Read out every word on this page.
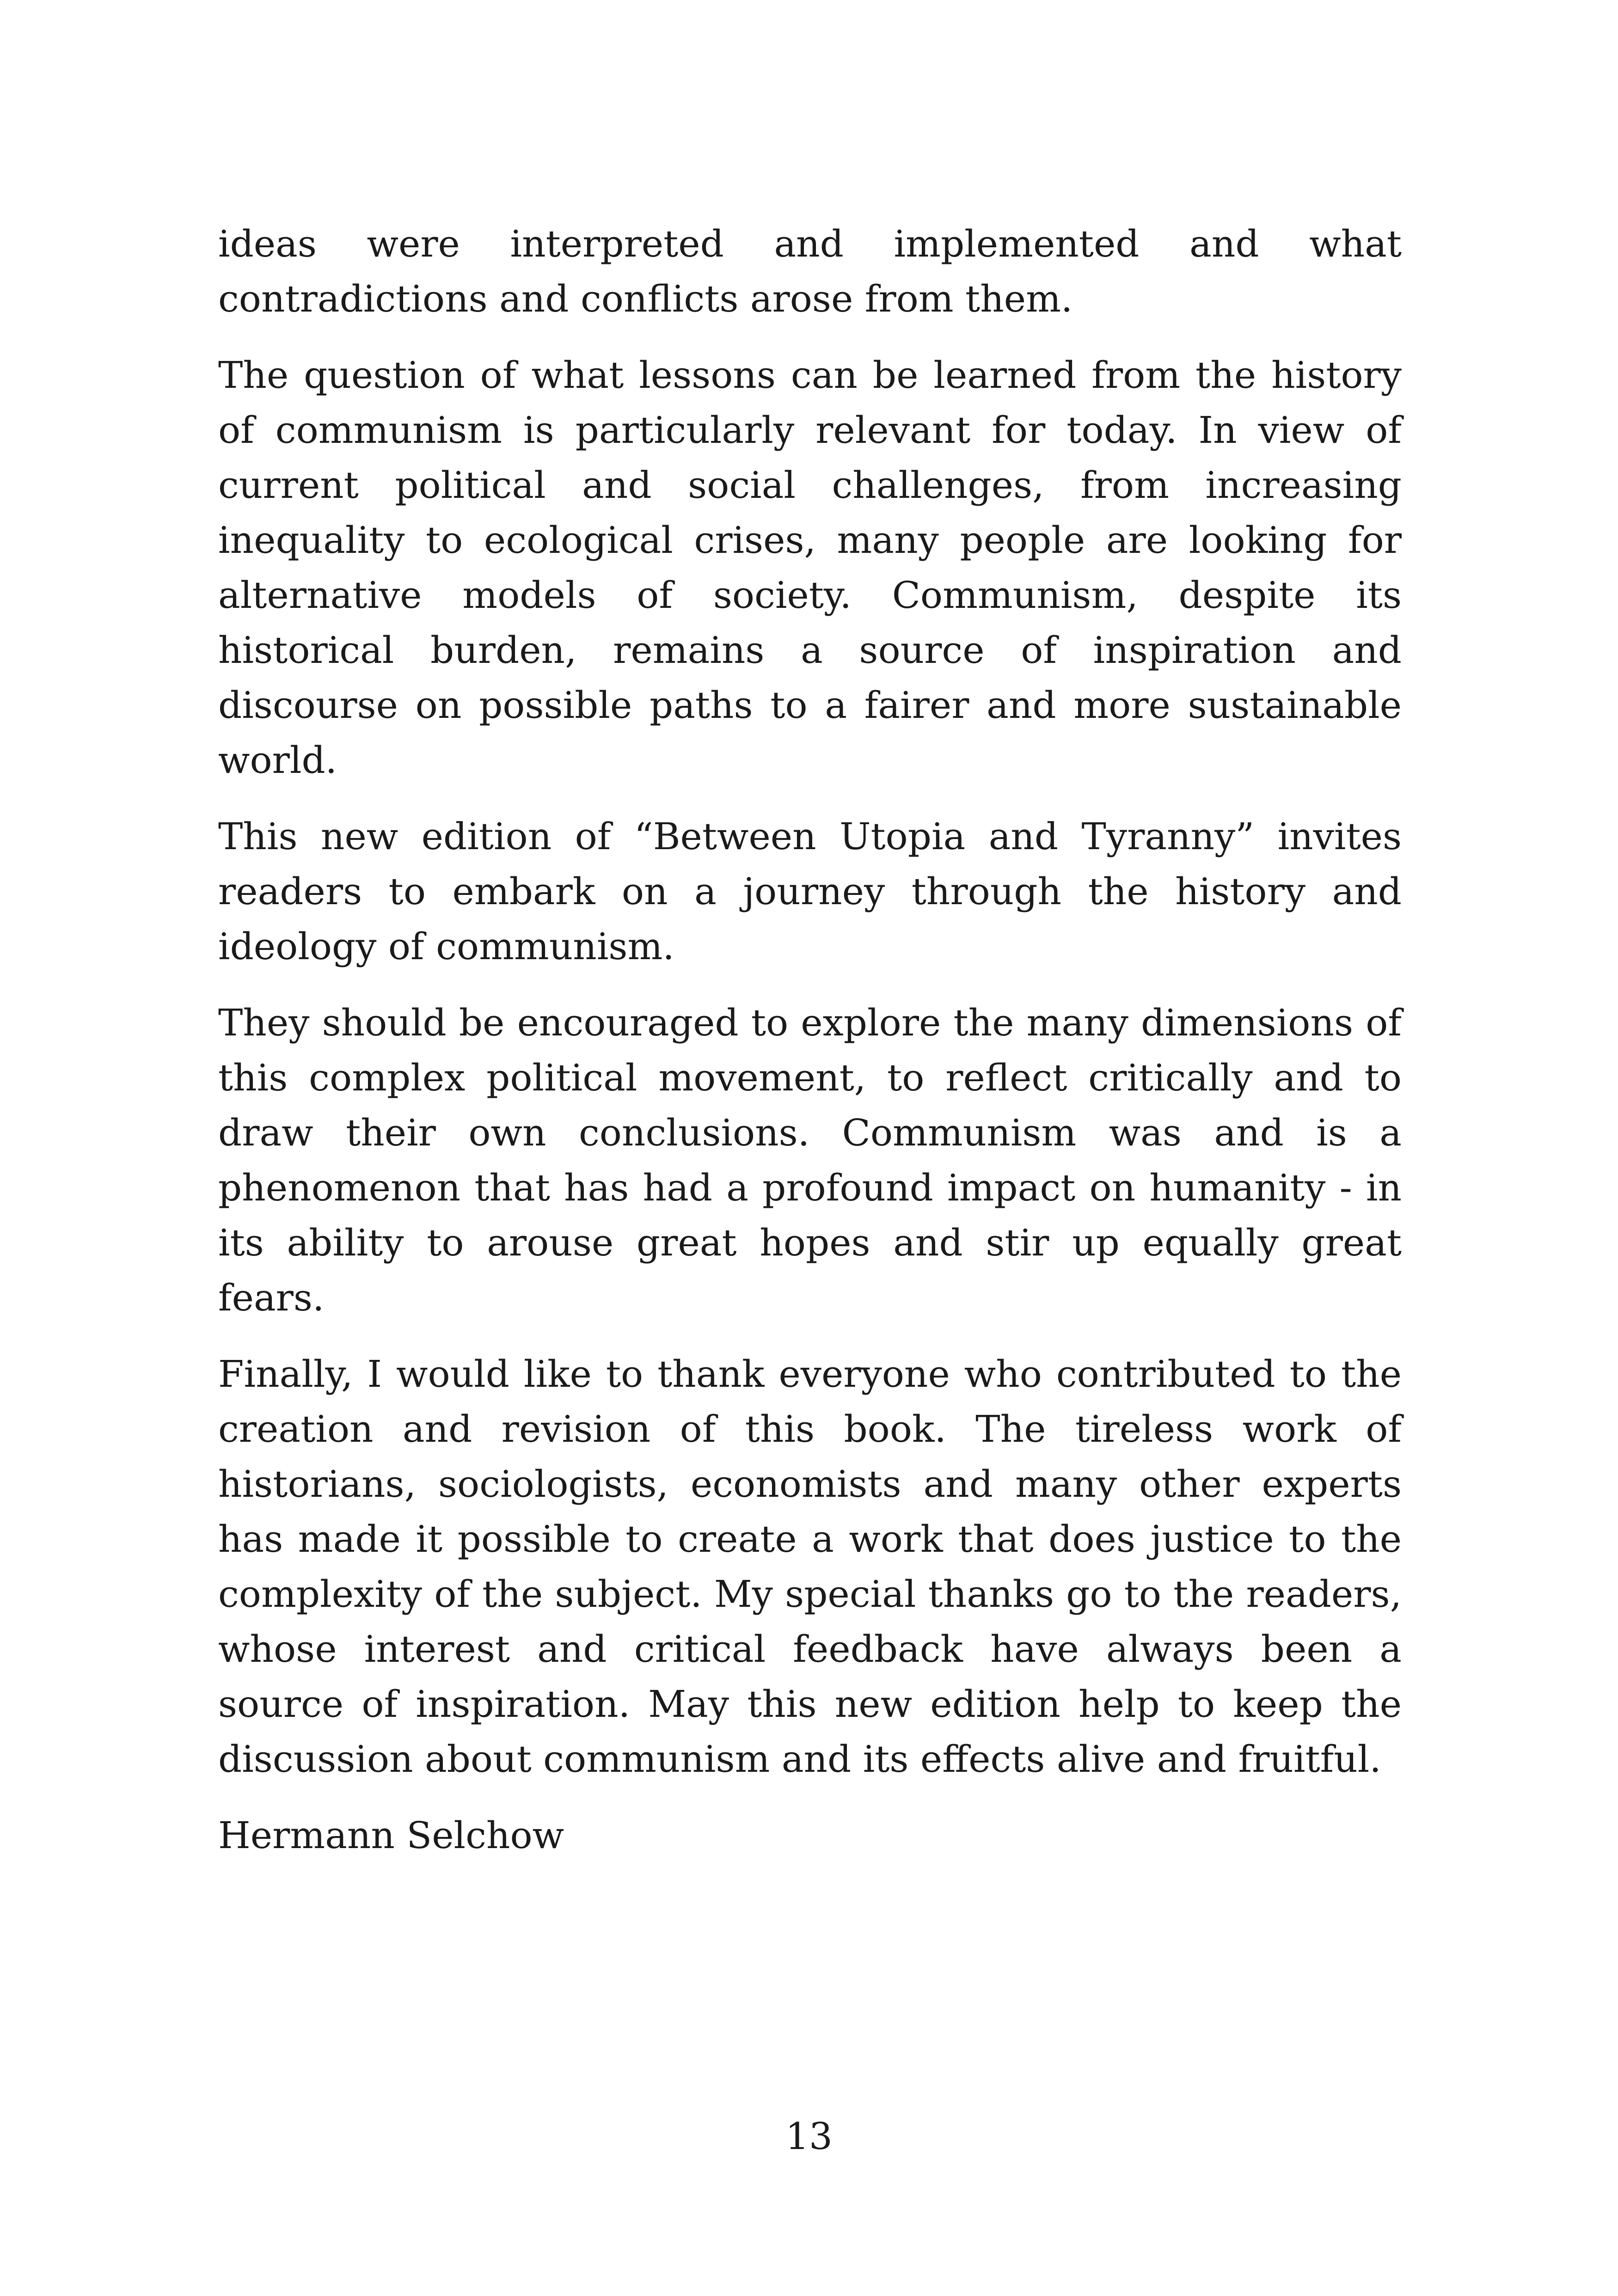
ideas were interpreted and implemented and what contradictions and conflicts arose from them.

The question of what lessons can be learned from the history of communism is particularly relevant for today. In view of current political and social challenges, from increasing inequality to ecological crises, many people are looking for alternative models of society. Communism, despite its historical burden, remains a source of inspiration and discourse on possible paths to a fairer and more sustainable world.

This new edition of “Between Utopia and Tyranny” invites readers to embark on a journey through the history and ideology of communism.

They should be encouraged to explore the many dimensions of this complex political movement, to reflect critically and to draw their own conclusions. Communism was and is a phenomenon that has had a profound impact on humanity - in its ability to arouse great hopes and stir up equally great fears.

Finally, I would like to thank everyone who contributed to the creation and revision of this book. The tireless work of historians, sociologists, economists and many other experts has made it possible to create a work that does justice to the complexity of the subject. My special thanks go to the readers, whose interest and critical feedback have always been a source of inspiration. May this new edition help to keep the discussion about communism and its effects alive and fruitful.

Hermann Selchow

13
